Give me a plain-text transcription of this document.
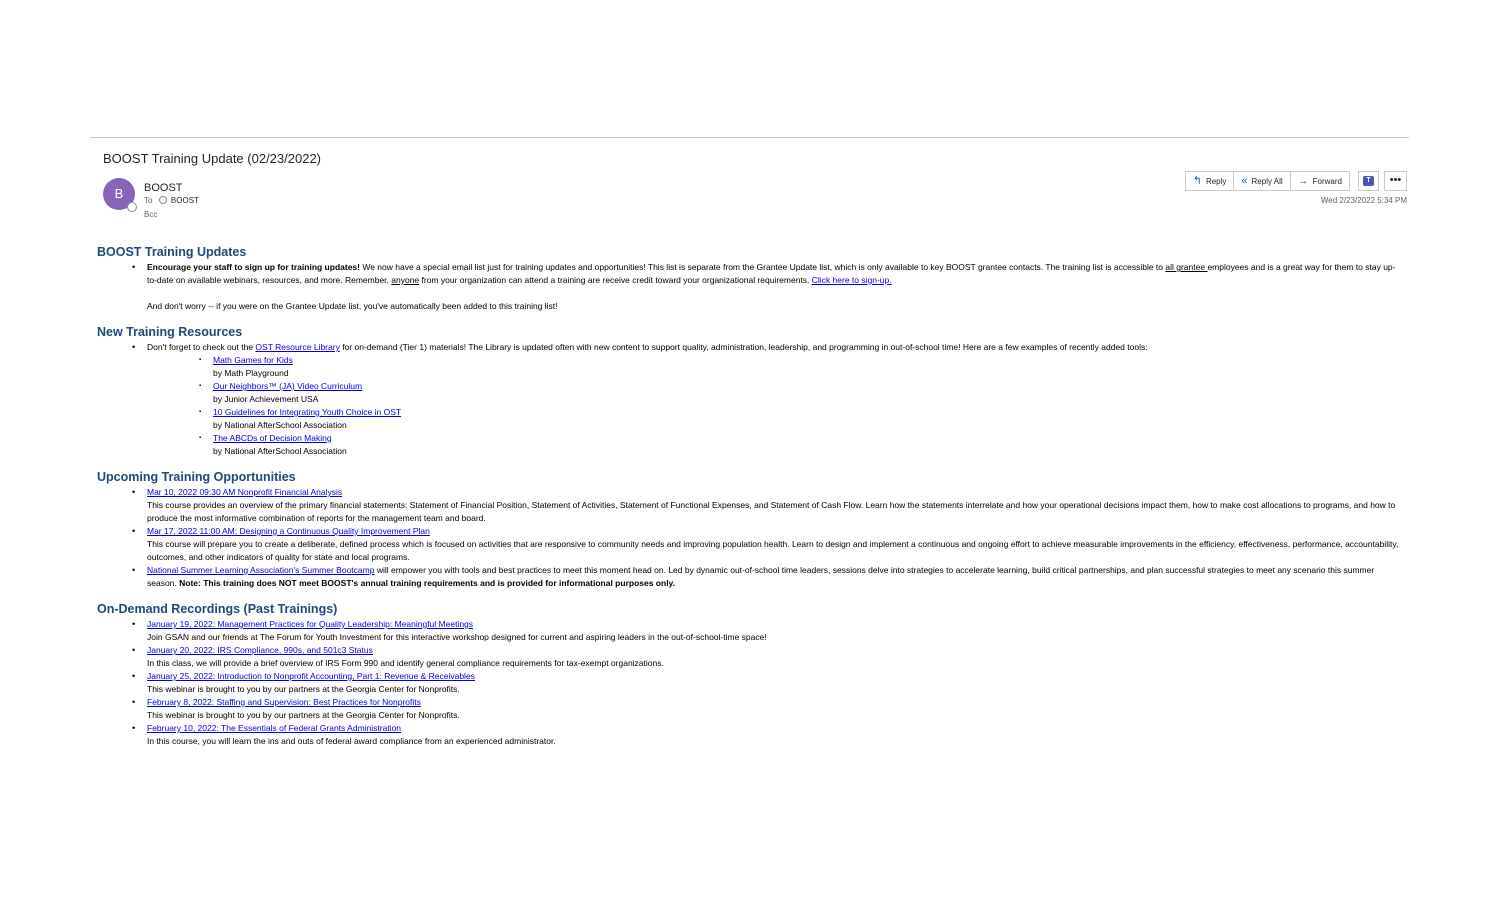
BOOST Training Update (02/23/2022)
B	BOOST
To BOOST
Bcc
↰ Reply « Reply All → Forward	T	•••
Wed 2/23/2022 5:34 PM
BOOST Training Updates
• Encourage your staff to sign up for training updates! We now have a special email list just for training updates and opportunities! This list is separate from the Grantee Update list, which is only available to key BOOST grantee contacts. The training list is accessible to all grantee employees and is a great way for them to stay up-to-date on available webinars, resources, and more. Remember, anyone from your organization can attend a training are receive credit toward your organizational requirements. Click here to sign-up.
And don't worry -- if you were on the Grantee Update list, you've automatically been added to this training list!
New Training Resources
• Don't forget to check out the OST Resource Library for on-demand (Tier 1) materials! The Library is updated often with new content to support quality, administration, leadership, and programming in out-of-school time! Here are a few examples of recently added tools:
▪ Math Games for Kids
by Math Playground
▪ Our Neighbors™ (JA) Video Curriculum
by Junior Achievement USA
▪ 10 Guidelines for Integrating Youth Choice in OST
by National AfterSchool Association
▪ The ABCDs of Decision Making
by National AfterSchool Association
Upcoming Training Opportunities
• Mar 10, 2022 09:30 AM Nonprofit Financial Analysis
This course provides an overview of the primary financial statements: Statement of Financial Position, Statement of Activities, Statement of Functional Expenses, and Statement of Cash Flow. Learn how the statements interrelate and how your operational decisions impact them, how to make cost allocations to programs, and how to produce the most informative combination of reports for the management team and board.
• Mar 17, 2022 11:00 AM: Designing a Continuous Quality Improvement Plan
This course will prepare you to create a deliberate, defined process which is focused on activities that are responsive to community needs and improving population health. Learn to design and implement a continuous and ongoing effort to achieve measurable improvements in the efficiency, effectiveness, performance, accountability, outcomes, and other indicators of quality for state and local programs.
• National Summer Learning Association's Summer Bootcamp will empower you with tools and best practices to meet this moment head on. Led by dynamic out-of-school time leaders, sessions delve into strategies to accelerate learning, build critical partnerships, and plan successful strategies to meet any scenario this summer season. Note: This training does NOT meet BOOST's annual training requirements and is provided for informational purposes only.
On-Demand Recordings (Past Trainings)
• January 19, 2022: Management Practices for Quality Leadership: Meaningful Meetings
Join GSAN and our friends at The Forum for Youth Investment for this interactive workshop designed for current and aspiring leaders in the out-of-school-time space!
• January 20, 2022: IRS Compliance, 990s, and 501c3 Status
In this class, we will provide a brief overview of IRS Form 990 and identify general compliance requirements for tax-exempt organizations.
• January 25, 2022: Introduction to Nonprofit Accounting, Part 1: Revenue & Receivables
This webinar is brought to you by our partners at the Georgia Center for Nonprofits.
• February 8, 2022: Staffing and Supervision: Best Practices for Nonprofits
This webinar is brought to you by our partners at the Georgia Center for Nonprofits.
• February 10, 2022: The Essentials of Federal Grants Administration
In this course, you will learn the ins and outs of federal award compliance from an experienced administrator.
